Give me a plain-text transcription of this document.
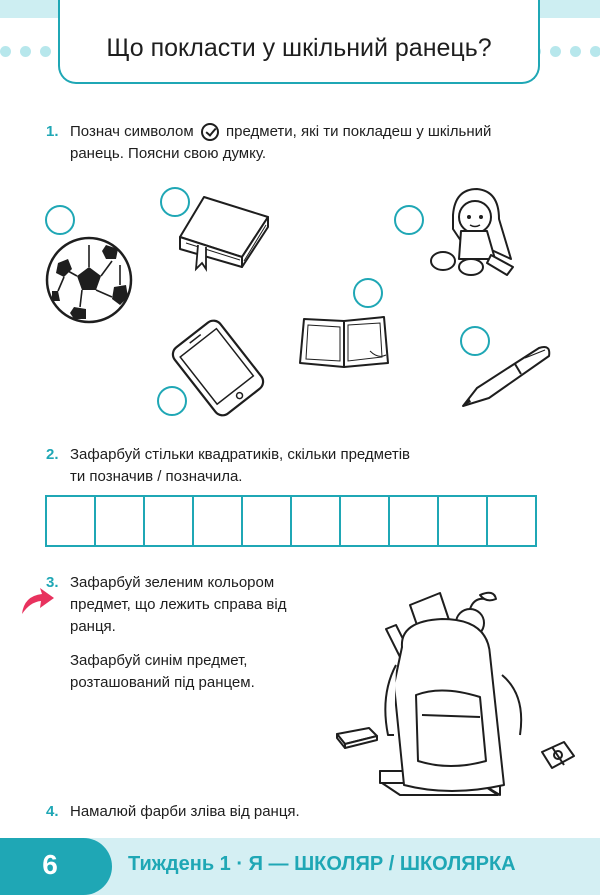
Що покласти у шкільний ранець?
1. Познач символом предмети, які ти покладеш у шкільний
ранець. Поясни свою думку.
2. Зафарбуй стільки квадратиків, скільки предметів
ти позначив / позначила.
3. Зафарбуй зеленим кольором
предмет, що лежить справа від
ранця.
Зафарбуй синім предмет,
розташований під ранцем.
4. Намалюй фарби зліва від ранця.
6	Тиждень 1 · Я — ШКОЛЯР / ШКОЛЯРКА
